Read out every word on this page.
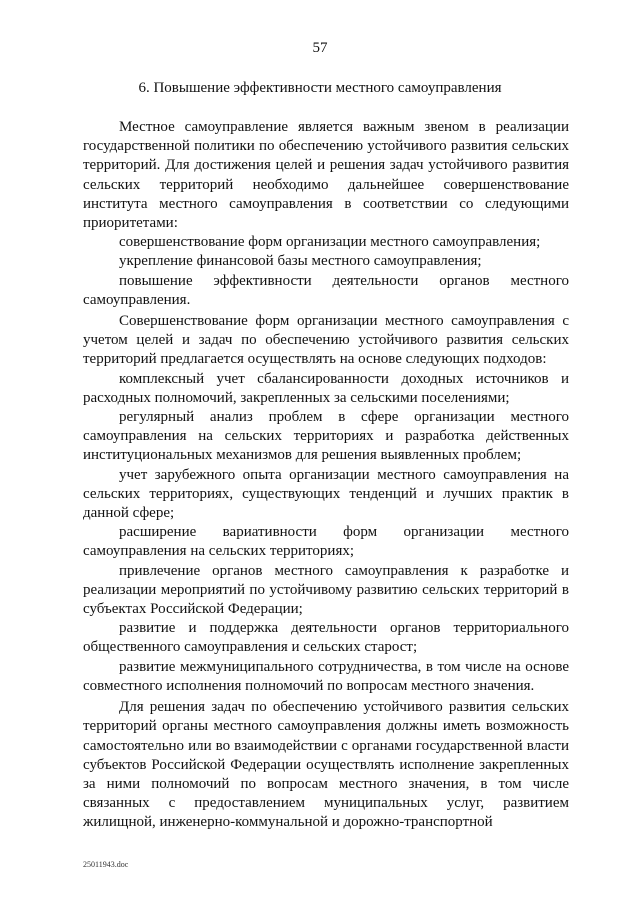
57
6. Повышение эффективности местного самоуправления

Местное самоуправление является важным звеном в реализации государственной политики по обеспечению устойчивого развития сельских территорий. Для достижения целей и решения задач устойчивого развития сельских территорий необходимо дальнейшее совершенствование института местного самоуправления в соответствии со следующими приоритетами:

совершенствование форм организации местного самоуправления;

укрепление финансовой базы местного самоуправления;

повышение эффективности деятельности органов местного самоуправления.

Совершенствование форм организации местного самоуправления с учетом целей и задач по обеспечению устойчивого развития сельских территорий предлагается осуществлять на основе следующих подходов:

комплексный учет сбалансированности доходных источников и расходных полномочий, закрепленных за сельскими поселениями;

регулярный анализ проблем в сфере организации местного самоуправления на сельских территориях и разработка действенных институциональных механизмов для решения выявленных проблем;

учет зарубежного опыта организации местного самоуправления на сельских территориях, существующих тенденций и лучших практик в данной сфере;

расширение вариативности форм организации местного самоуправления на сельских территориях;

привлечение органов местного самоуправления к разработке и реализации мероприятий по устойчивому развитию сельских территорий в субъектах Российской Федерации;

развитие и поддержка деятельности органов территориального общественного самоуправления и сельских старост;

развитие межмуниципального сотрудничества, в том числе на основе совместного исполнения полномочий по вопросам местного значения.

Для решения задач по обеспечению устойчивого развития сельских территорий органы местного самоуправления должны иметь возможность самостоятельно или во взаимодействии с органами государственной власти субъектов Российской Федерации осуществлять исполнение закрепленных за ними полномочий по вопросам местного значения, в том числе связанных с предоставлением муниципальных услуг, развитием жилищной, инженерно-коммунальной и дорожно-транспортной

25011943.doc
